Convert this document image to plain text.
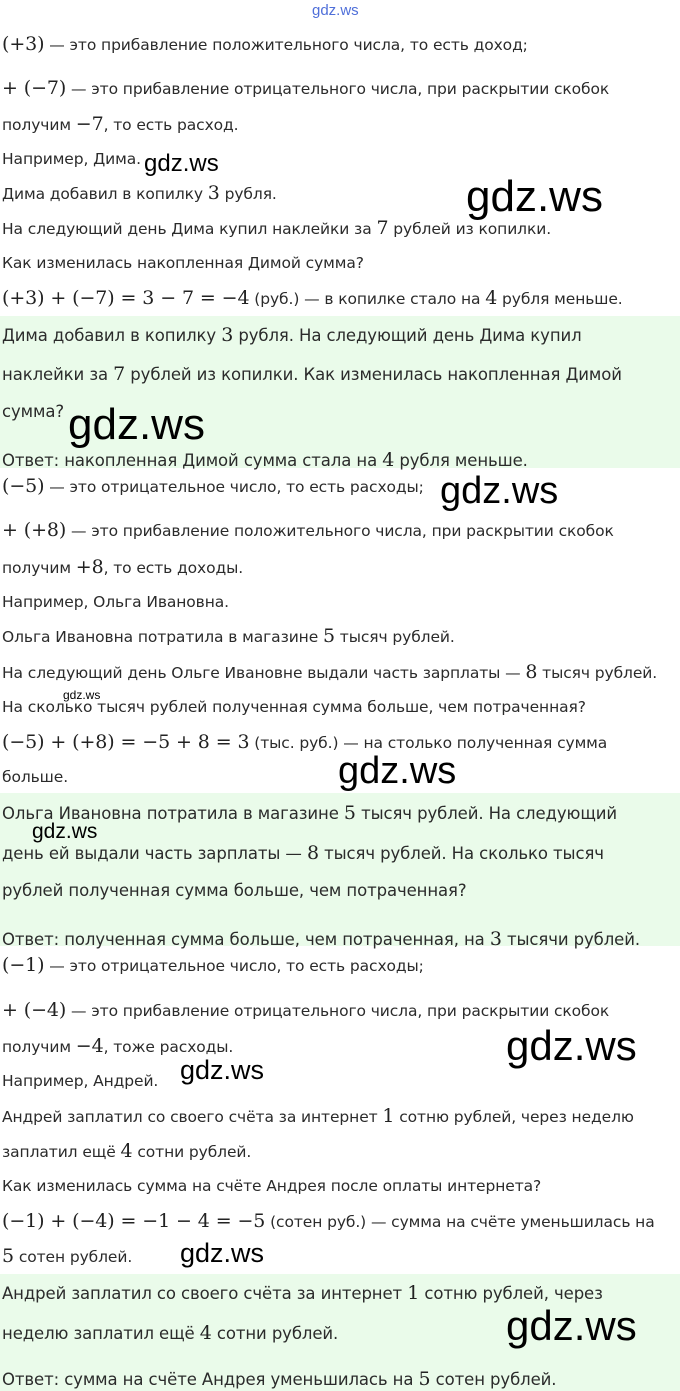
gdz.ws
(+3) — это прибавление положительного числа, то есть доход;
+ (−7) — это прибавление отрицательного числа, при раскрытии скобок
получим −7, то есть расход.
Например, Дима.
Дима добавил в копилку 3 рубля.
На следующий день Дима купил наклейки за 7 рублей из копилки.
Как изменилась накопленная Димой сумма?
(+3) + (−7) = 3 − 7 = −4 (руб.) — в копилке стало на 4 рубля меньше.
Дима добавил в копилку 3 рубля. На следующий день Дима купил
наклейки за 7 рублей из копилки. Как изменилась накопленная Димой
сумма?
Ответ: накопленная Димой сумма стала на 4 рубля меньше.
(−5) — это отрицательное число, то есть расходы;
+ (+8) — это прибавление положительного числа, при раскрытии скобок
получим +8, то есть доходы.
Например, Ольга Ивановна.
Ольга Ивановна потратила в магазине 5 тысяч рублей.
На следующий день Ольге Ивановне выдали часть зарплаты — 8 тысяч рублей.
На сколько тысяч рублей полученная сумма больше, чем потраченная?
(−5) + (+8) = −5 + 8 = 3 (тыс. руб.) — на столько полученная сумма
больше.
Ольга Ивановна потратила в магазине 5 тысяч рублей. На следующий
день ей выдали часть зарплаты — 8 тысяч рублей. На сколько тысяч
рублей полученная сумма больше, чем потраченная?
Ответ: полученная сумма больше, чем потраченная, на 3 тысячи рублей.
(−1) — это отрицательное число, то есть расходы;
+ (−4) — это прибавление отрицательного числа, при раскрытии скобок
получим −4, тоже расходы.
Например, Андрей.
Андрей заплатил со своего счёта за интернет 1 сотню рублей, через неделю
заплатил ещё 4 сотни рублей.
Как изменилась сумма на счёте Андрея после оплаты интернета?
(−1) + (−4) = −1 − 4 = −5 (сотен руб.) — сумма на счёте уменьшилась на
5 сотен рублей.
Андрей заплатил со своего счёта за интернет 1 сотню рублей, через
неделю заплатил ещё 4 сотни рублей.
Ответ: сумма на счёте Андрея уменьшилась на 5 сотен рублей.
gdz.ws
gdz.ws
gdz.ws
gdz.ws
gdz.ws
gdz.ws
gdz.ws
gdz.ws
gdz.ws
gdz.ws
gdz.ws
